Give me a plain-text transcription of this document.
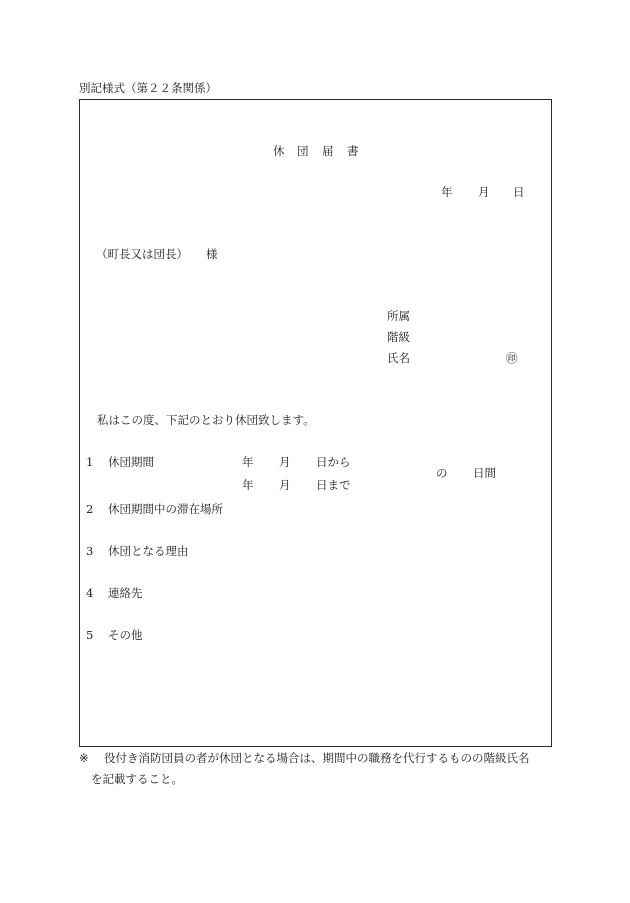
別記様式（第２２条関係）
休 団 届 書
年 月 日
（町長又は団長） 様
所属
階級
氏名	㊞
私はこの度、下記のとおり休団致します。
1 休団期間	年 月 日から
年 月 日まで
の 日間
2 休団期間中の滞在場所
3 休団となる理由
4 連絡先
5 その他
※ 役付き消防団員の者が休団となる場合は、期間中の職務を代行するものの階級氏名
を記載すること。
